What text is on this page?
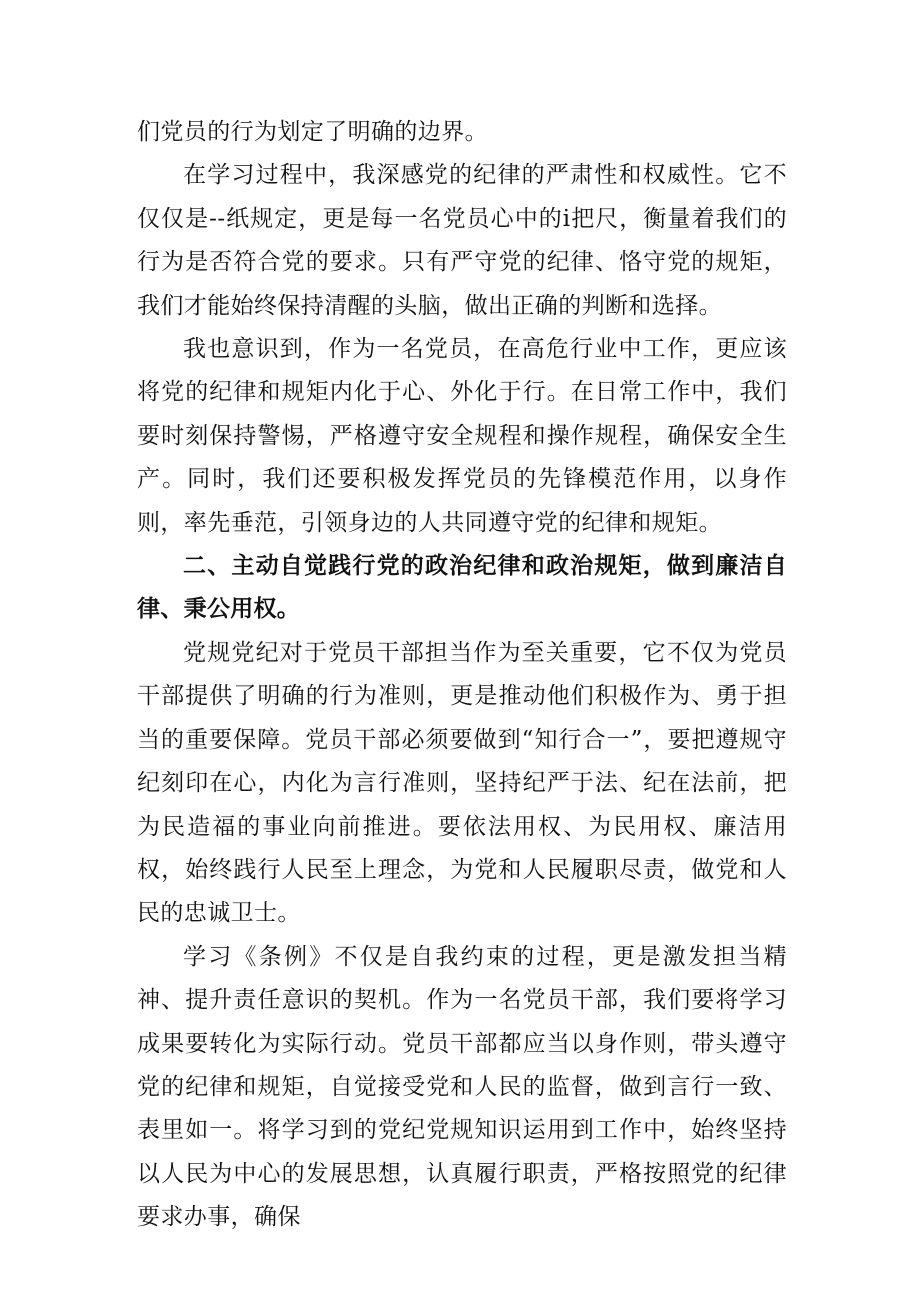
们党员的行为划定了明确的边界。

在学习过程中，我深感党的纪律的严肃性和权威性。它不仅仅是--纸规定，更是每一名党员心中的i把尺，衡量着我们的行为是否符合党的要求。只有严守党的纪律、恪守党的规矩，我们才能始终保持清醒的头脑，做出正确的判断和选择。

我也意识到，作为一名党员，在高危行业中工作，更应该将党的纪律和规矩内化于心、外化于行。在日常工作中，我们要时刻保持警惕，严格遵守安全规程和操作规程，确保安全生产。同时，我们还要积极发挥党员的先锋模范作用，以身作则，率先垂范，引领身边的人共同遵守党的纪律和规矩。

二、主动自觉践行党的政治纪律和政治规矩，做到廉洁自律、秉公用权。

党规党纪对于党员干部担当作为至关重要，它不仅为党员干部提供了明确的行为准则，更是推动他们积极作为、勇于担当的重要保障。党员干部必须要做到“知行合一”，要把遵规守纪刻印在心，内化为言行准则，坚持纪严于法、纪在法前，把为民造福的事业向前推进。要依法用权、为民用权、廉洁用权，始终践行人民至上理念，为党和人民履职尽责，做党和人民的忠诚卫士。

学习《条例》不仅是自我约束的过程，更是激发担当精神、提升责任意识的契机。作为一名党员干部，我们要将学习成果要转化为实际行动。党员干部都应当以身作则，带头遵守党的纪律和规矩，自觉接受党和人民的监督，做到言行一致、表里如一。将学习到的党纪党规知识运用到工作中，始终坚持以人民为中心的发展思想，认真履行职责，严格按照党的纪律要求办事，确保
